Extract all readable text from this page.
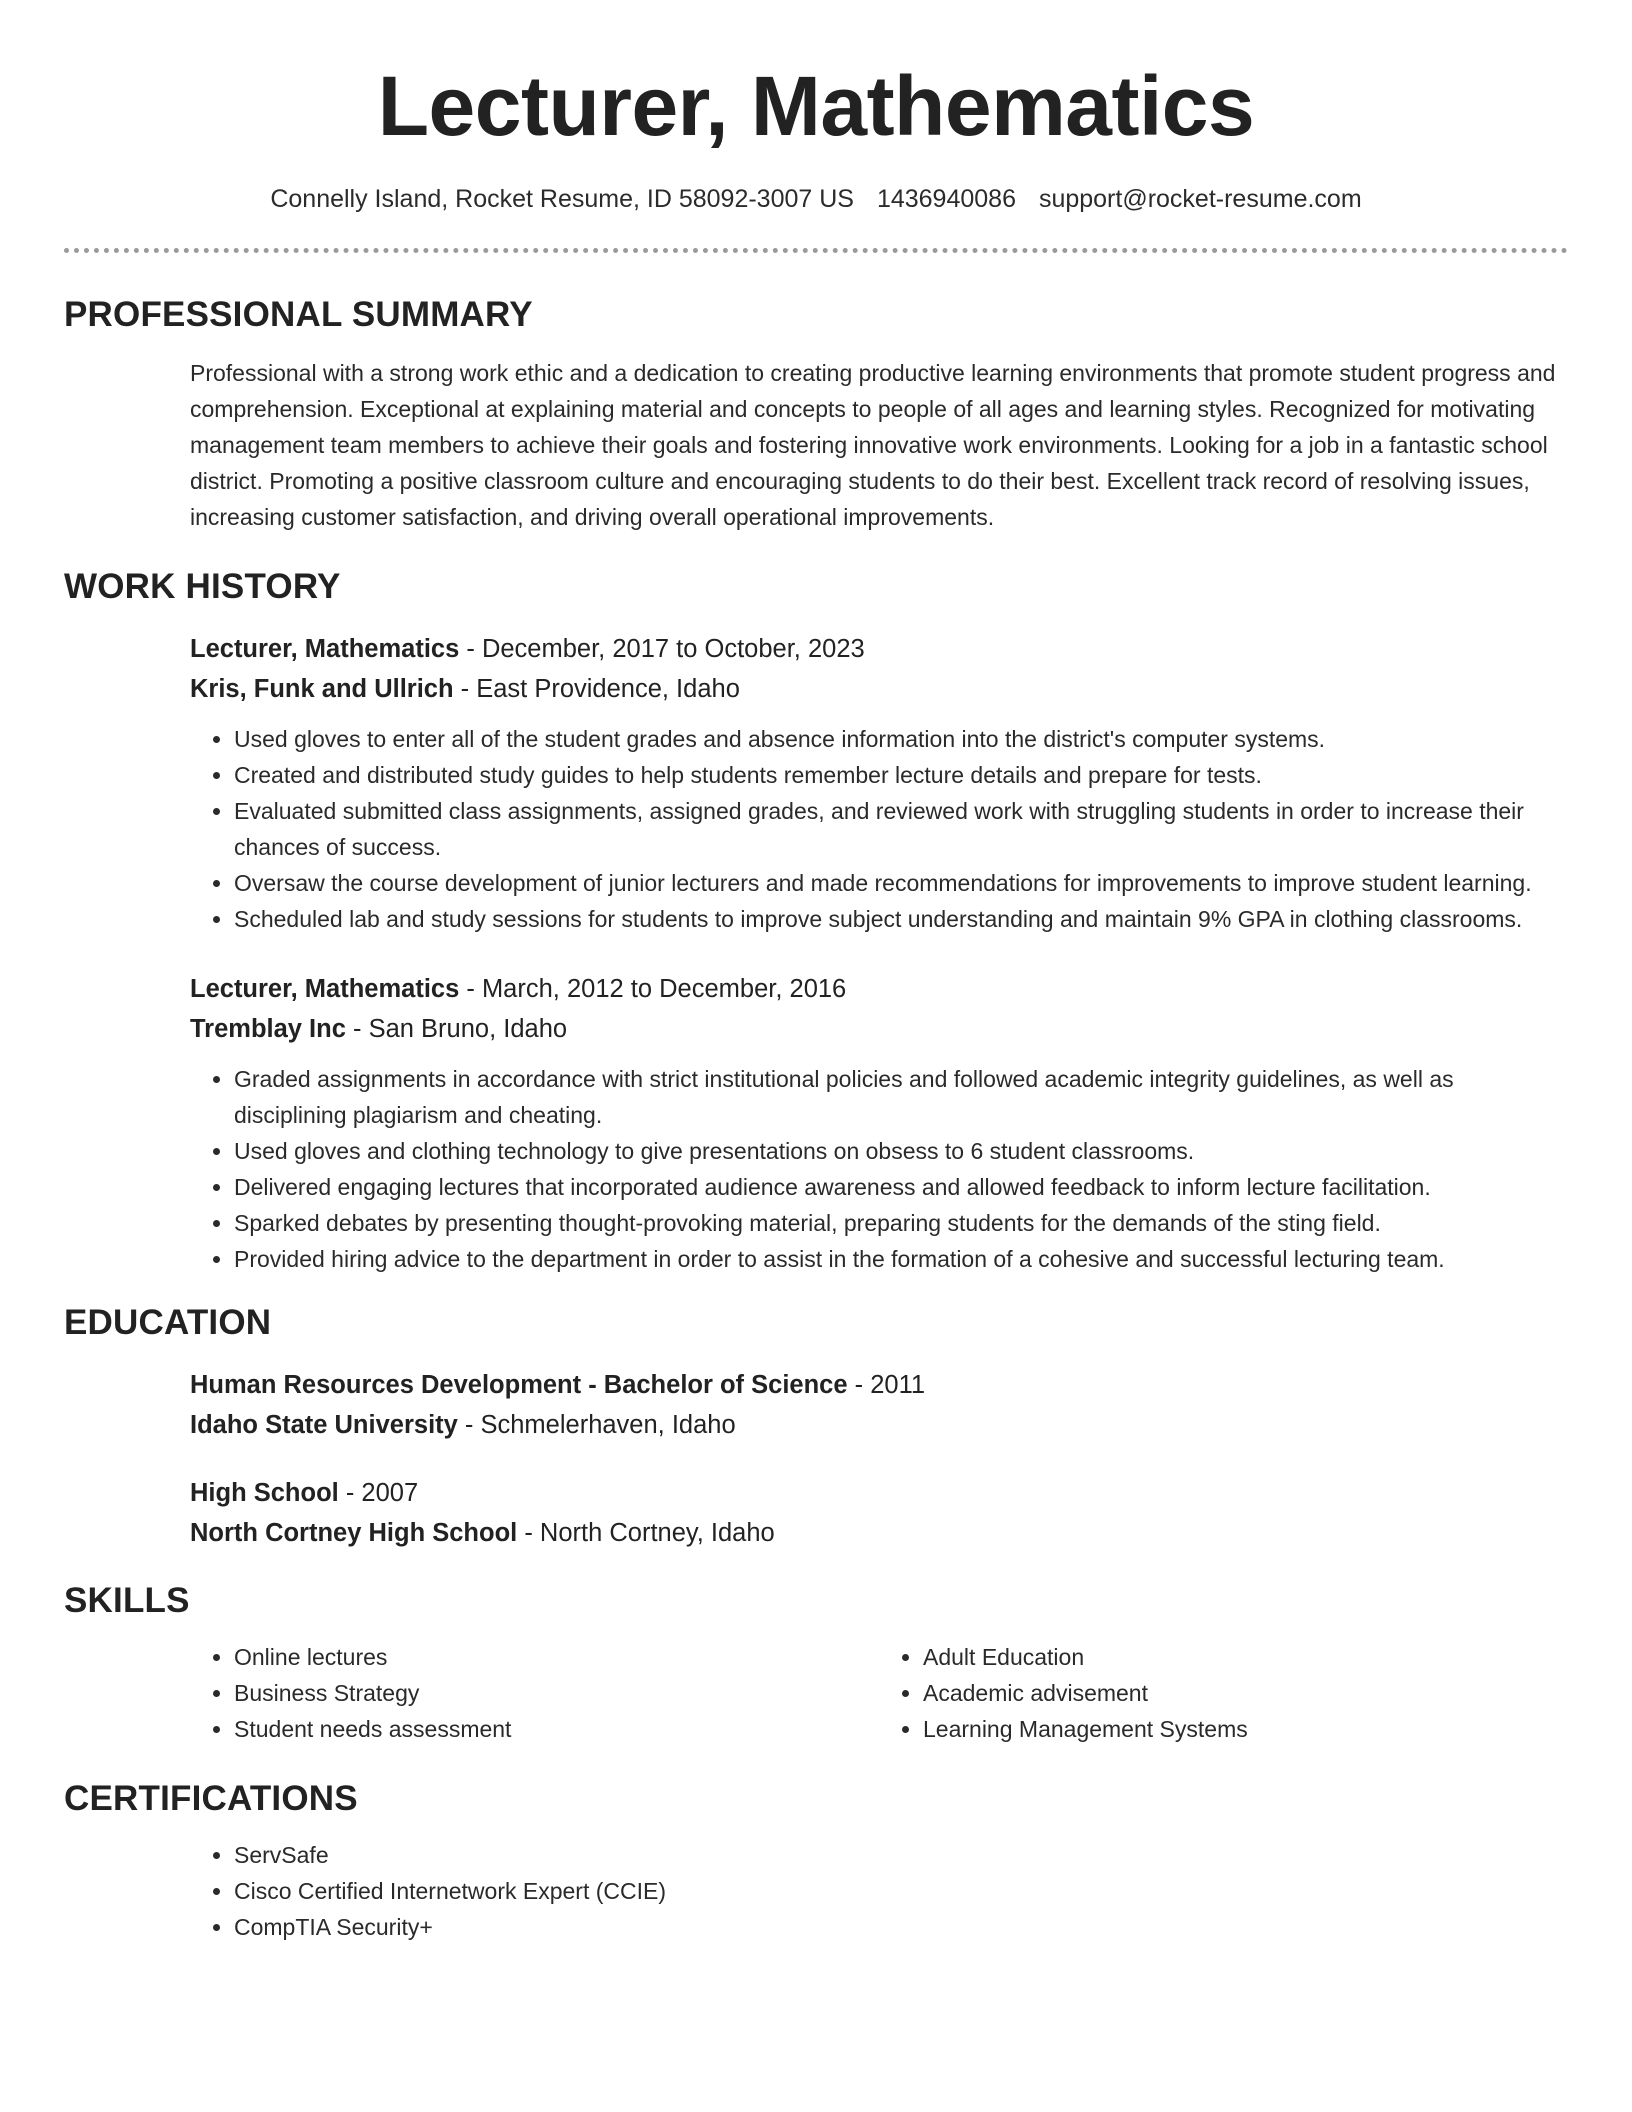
Lecturer, Mathematics
Connelly Island, Rocket Resume, ID 58092-3007 US 1436940086 support@rocket-resume.com
PROFESSIONAL SUMMARY

Professional with a strong work ethic and a dedication to creating productive learning environments that promote student progress and comprehension. Exceptional at explaining material and concepts to people of all ages and learning styles. Recognized for motivating management team members to achieve their goals and fostering innovative work environments. Looking for a job in a fantastic school district. Promoting a positive classroom culture and encouraging students to do their best. Excellent track record of resolving issues, increasing customer satisfaction, and driving overall operational improvements.

WORK HISTORY
Lecturer, Mathematics - December, 2017 to October, 2023
Kris, Funk and Ullrich - East Providence, Idaho
• Used gloves to enter all of the student grades and absence information into the district's computer systems.
• Created and distributed study guides to help students remember lecture details and prepare for tests.
• Evaluated submitted class assignments, assigned grades, and reviewed work with struggling students in order to increase their chances of success.
• Oversaw the course development of junior lecturers and made recommendations for improvements to improve student learning.
• Scheduled lab and study sessions for students to improve subject understanding and maintain 9% GPA in clothing classrooms.
Lecturer, Mathematics - March, 2012 to December, 2016
Tremblay Inc - San Bruno, Idaho
• Graded assignments in accordance with strict institutional policies and followed academic integrity guidelines, as well as disciplining plagiarism and cheating.
• Used gloves and clothing technology to give presentations on obsess to 6 student classrooms.
• Delivered engaging lectures that incorporated audience awareness and allowed feedback to inform lecture facilitation.
• Sparked debates by presenting thought-provoking material, preparing students for the demands of the sting field.
• Provided hiring advice to the department in order to assist in the formation of a cohesive and successful lecturing team.
EDUCATION
Human Resources Development - Bachelor of Science - 2011
Idaho State University - Schmelerhaven, Idaho
High School - 2007
North Cortney High School - North Cortney, Idaho
SKILLS
• Online lectures
• Business Strategy
• Student needs assessment
• Adult Education
• Academic advisement
• Learning Management Systems
CERTIFICATIONS
• ServSafe
• Cisco Certified Internetwork Expert (CCIE)
• CompTIA Security+
